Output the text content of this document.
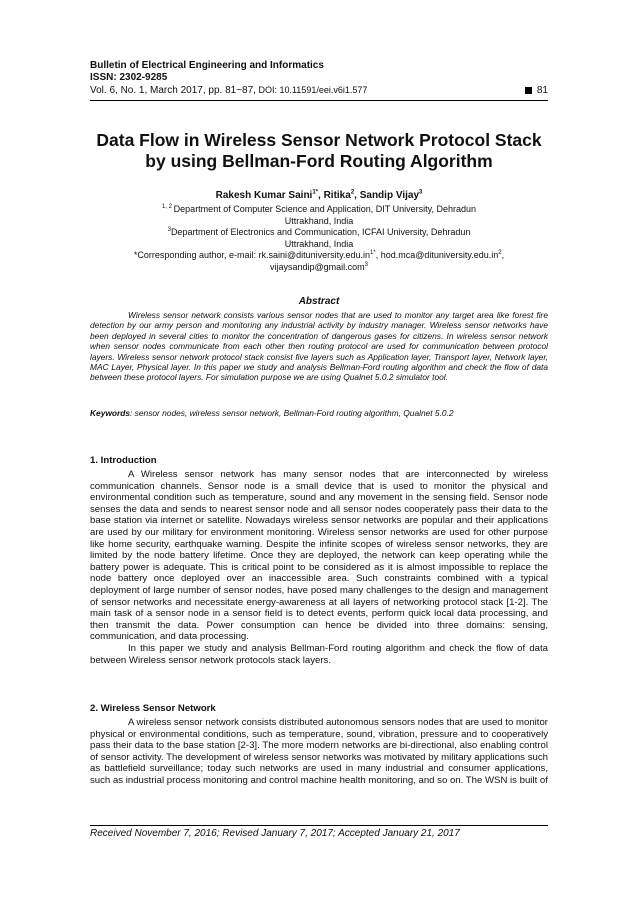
Bulletin of Electrical Engineering and Informatics
ISSN: 2302-9285
Vol. 6, No. 1, March 2017, pp. 81~87, DOI: 10.11591/eei.v6i1.577	81
Data Flow in Wireless Sensor Network Protocol Stack
by using Bellman-Ford Routing Algorithm
Rakesh Kumar Saini$^{1*}$, Ritika$^2$, Sandip Vijay$^3$
$^{1, 2}$ Department of Computer Science and Application, DIT University, Dehradun
Uttrakhand, India
$^3$Department of Electronics and Communication, ICFAI University, Dehradun
Uttrakhand, India
*Corresponding author, e-mail: $rk.saini@dituniversity.edu.in^{1*}$, $hod.mca@dituniversity.edu.in^2$,
vijaysandip@gmail.com$^3$
Abstract
Wireless sensor network consists various sensor nodes that are used to monitor any target area like forest fire detection by our army person and monitoring any industrial activity by industry manager. Wireless sensor networks have been deployed in several cities to monitor the concentration of dangerous gases for citizens. In wireless sensor network when sensor nodes communicate from each other then routing protocol are used for communication between protocol layers. Wireless sensor network protocol stack consist five layers such as Application layer, Transport layer, Network layer, MAC Layer, Physical layer. In this paper we study and analysis Bellman-Ford routing algorithm and check the flow of data between these protocol layers. For simulation purpose we are using Qualnet 5.0.2 simulator tool.
Keywords: sensor nodes, wireless sensor network, Bellman-Ford routing algorithm, Qualnet 5.0.2
1. Introduction

A Wireless sensor network has many sensor nodes that are interconnected by wireless communication channels. Sensor node is a small device that is used to monitor the physical and environmental condition such as temperature, sound and any movement in the sensing field. Sensor node senses the data and sends to nearest sensor node and all sensor nodes cooperately pass their data to the base station via internet or satellite. Nowadays wireless sensor networks are popular and their applications are used by our military for environment monitoring. Wireless sensor networks are used for other purpose like home security, earthquake warning. Despite the infinite scopes of wireless sensor networks, they are limited by the node battery lifetime. Once they are deployed, the network can keep operating while the battery power is adequate. This is critical point to be considered as it is almost impossible to replace the node battery once deployed over an inaccessible area. Such constraints combined with a typical deployment of large number of sensor nodes, have posed many challenges to the design and management of sensor networks and necessitate energy-awareness at all layers of networking protocol stack [1-2]. The main task of a sensor node in a sensor field is to detect events, perform quick local data processing, and then transmit the data. Power consumption can hence be divided into three domains: sensing, communication, and data processing.

In this paper we study and analysis Bellman-Ford routing algorithm and check the flow of data between Wireless sensor network protocols stack layers.

2. Wireless Sensor Network

A wireless sensor network consists distributed autonomous sensors nodes that are used to monitor physical or environmental conditions, such as temperature, sound, vibration, pressure and to cooperatively pass their data to the base station [2-3]. The more modern networks are bi-directional, also enabling control of sensor activity. The development of wireless sensor networks was motivated by military applications such as battlefield surveillance; today such networks are used in many industrial and consumer applications, such as industrial process monitoring and control machine health monitoring, and so on. The WSN is built of

Received November 7, 2016; Revised January 7, 2017; Accepted January 21, 2017
